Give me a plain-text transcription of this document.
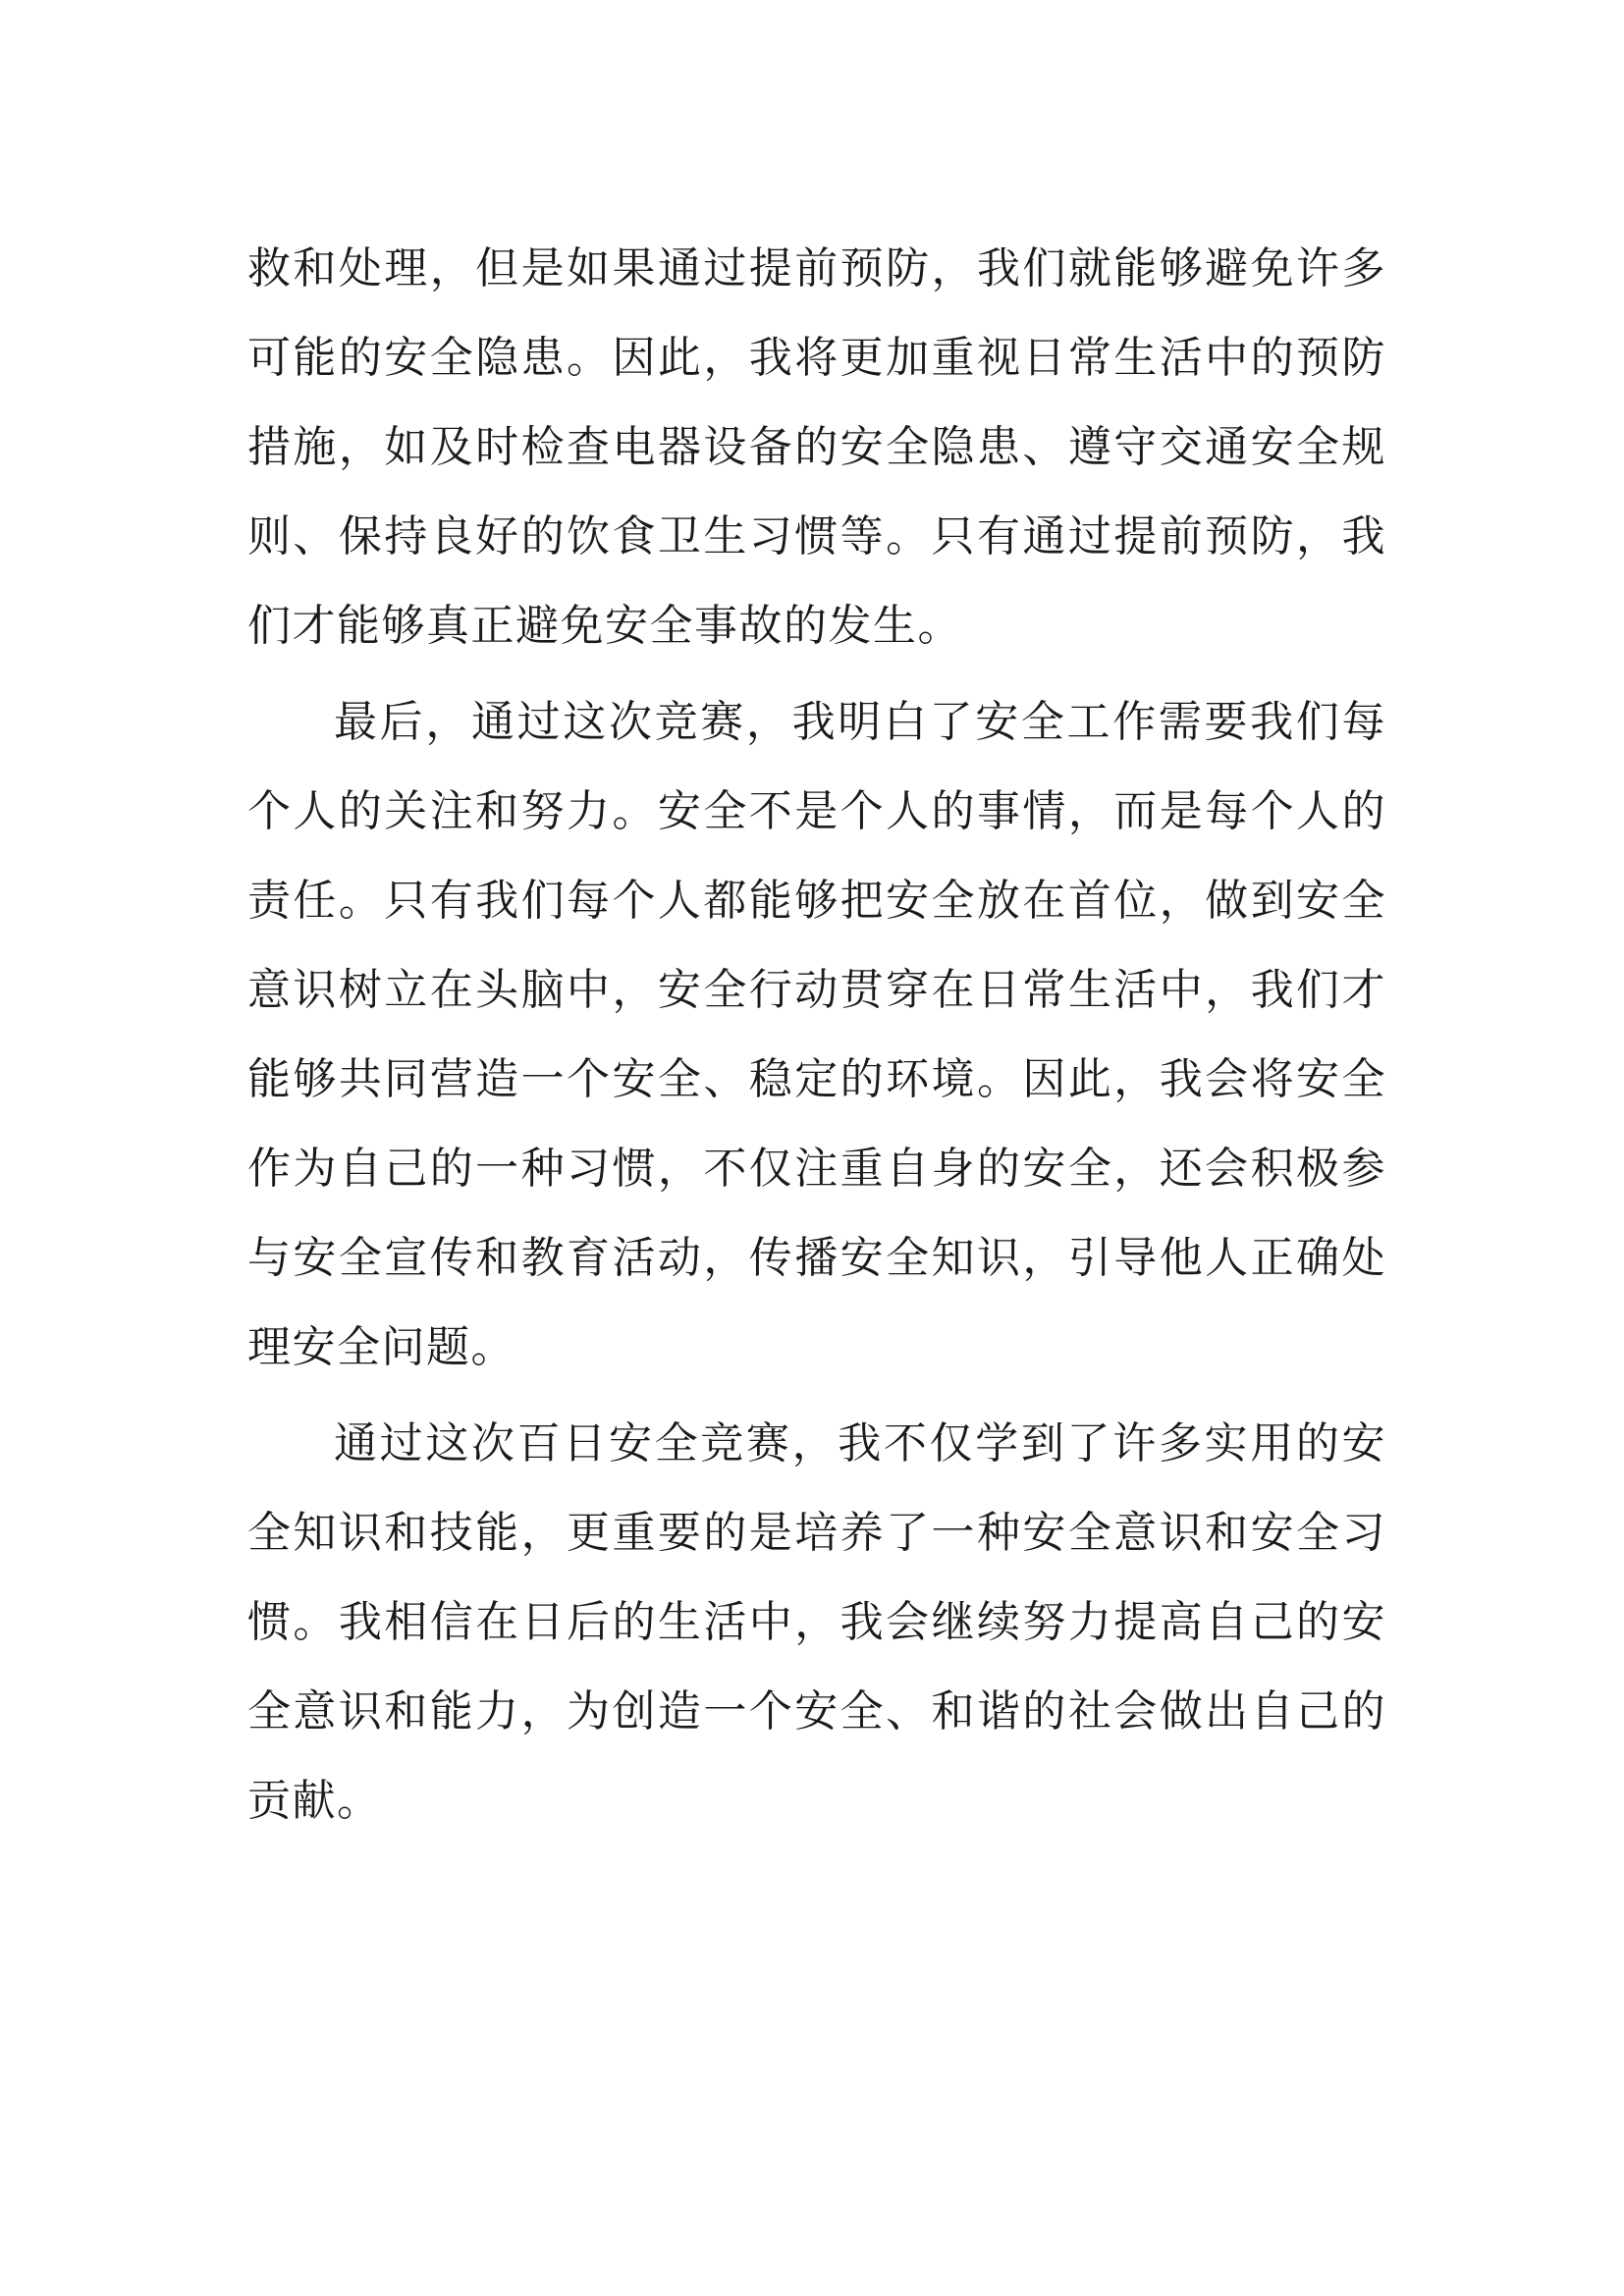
救和处理，但是如果通过提前预防，我们就能够避免许多可能的安全隐患。因此，我将更加重视日常生活中的预防措施，如及时检查电器设备的安全隐患、遵守交通安全规则、保持良好的饮食卫生习惯等。只有通过提前预防，我们才能够真正避免安全事故的发生。

最后，通过这次竞赛，我明白了安全工作需要我们每个人的关注和努力。安全不是个人的事情，而是每个人的责任。只有我们每个人都能够把安全放在首位，做到安全意识树立在头脑中，安全行动贯穿在日常生活中，我们才能够共同营造一个安全、稳定的环境。因此，我会将安全作为自己的一种习惯，不仅注重自身的安全，还会积极参与安全宣传和教育活动，传播安全知识，引导他人正确处理安全问题。

通过这次百日安全竞赛，我不仅学到了许多实用的安全知识和技能，更重要的是培养了一种安全意识和安全习惯。我相信在日后的生活中，我会继续努力提高自己的安全意识和能力，为创造一个安全、和谐的社会做出自己的贡献。
